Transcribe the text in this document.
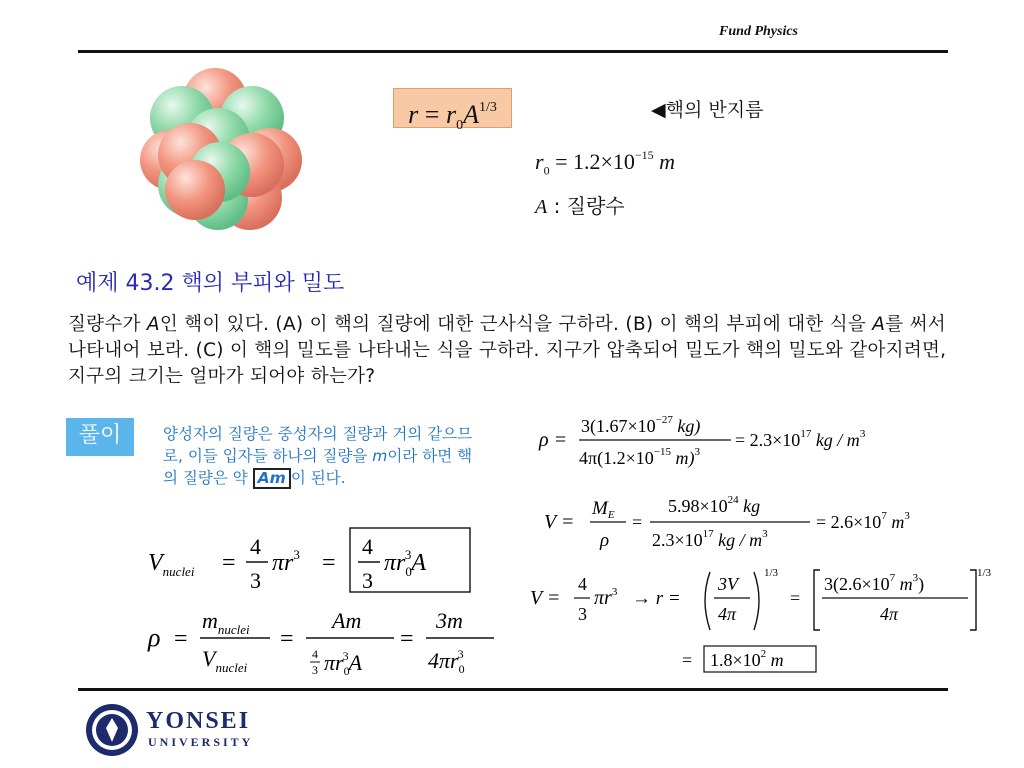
Fund Physics
$r = r_0A^{1/3}$	◀핵의 반지름
$r_0 = 1.2\times 10^{-15}$ m
A : 질량수
예제 43.2 핵의 부피와 밀도
질량수가 A인 핵이 있다. (A) 이 핵의 질량에 대한 근사식을 구하라. (B) 이 핵의 부피에 대한 식을 A를 써서 나타내어 보라. (C) 이 핵의 밀도를 나타내는 식을 구하라. 지구가 압축되어 밀도가 핵의 밀도와 같아지려면, 지구의 크기는 얼마가 되어야 하는가?
풀이	양성자의 질량은 중성자의 질량과 거의 같으므로, 이들 입자들 하나의 질량을 m이라 하면 핵의 질량은 약 Am 이 된다.
ρ =
$3(1.67\times 10^{-27}$ kg)
$4\pi(1.2\times 10^{-15}$ m)$^3$
= $2.3\times 10^{17}$ kg / $m^3$
V =
$M_E$
ρ
=
$5.98\times 10^{24}$ kg
$2.3\times 10^{17}$ kg / $m^3$
= $2.6\times 10^7$ $m^3$
V =
4
3
$\pi r^3 \to r$ =
3V
4π
1/3
=
$3(2.6\times 10^7$ $m^3$)
4π
1/3
= $1.8\times 10^2$ m
$V_{nuclei}$ =
4
3
$\pi r^3$ =
4
3
$\pi r_03A$
ρ =
$m_{nuclei}$
$V_{nuclei}$
=
Am
4
3 $\pi r_03A$
=
3m
$4\pi r_03$
YONSEI
UNIVERSITY
